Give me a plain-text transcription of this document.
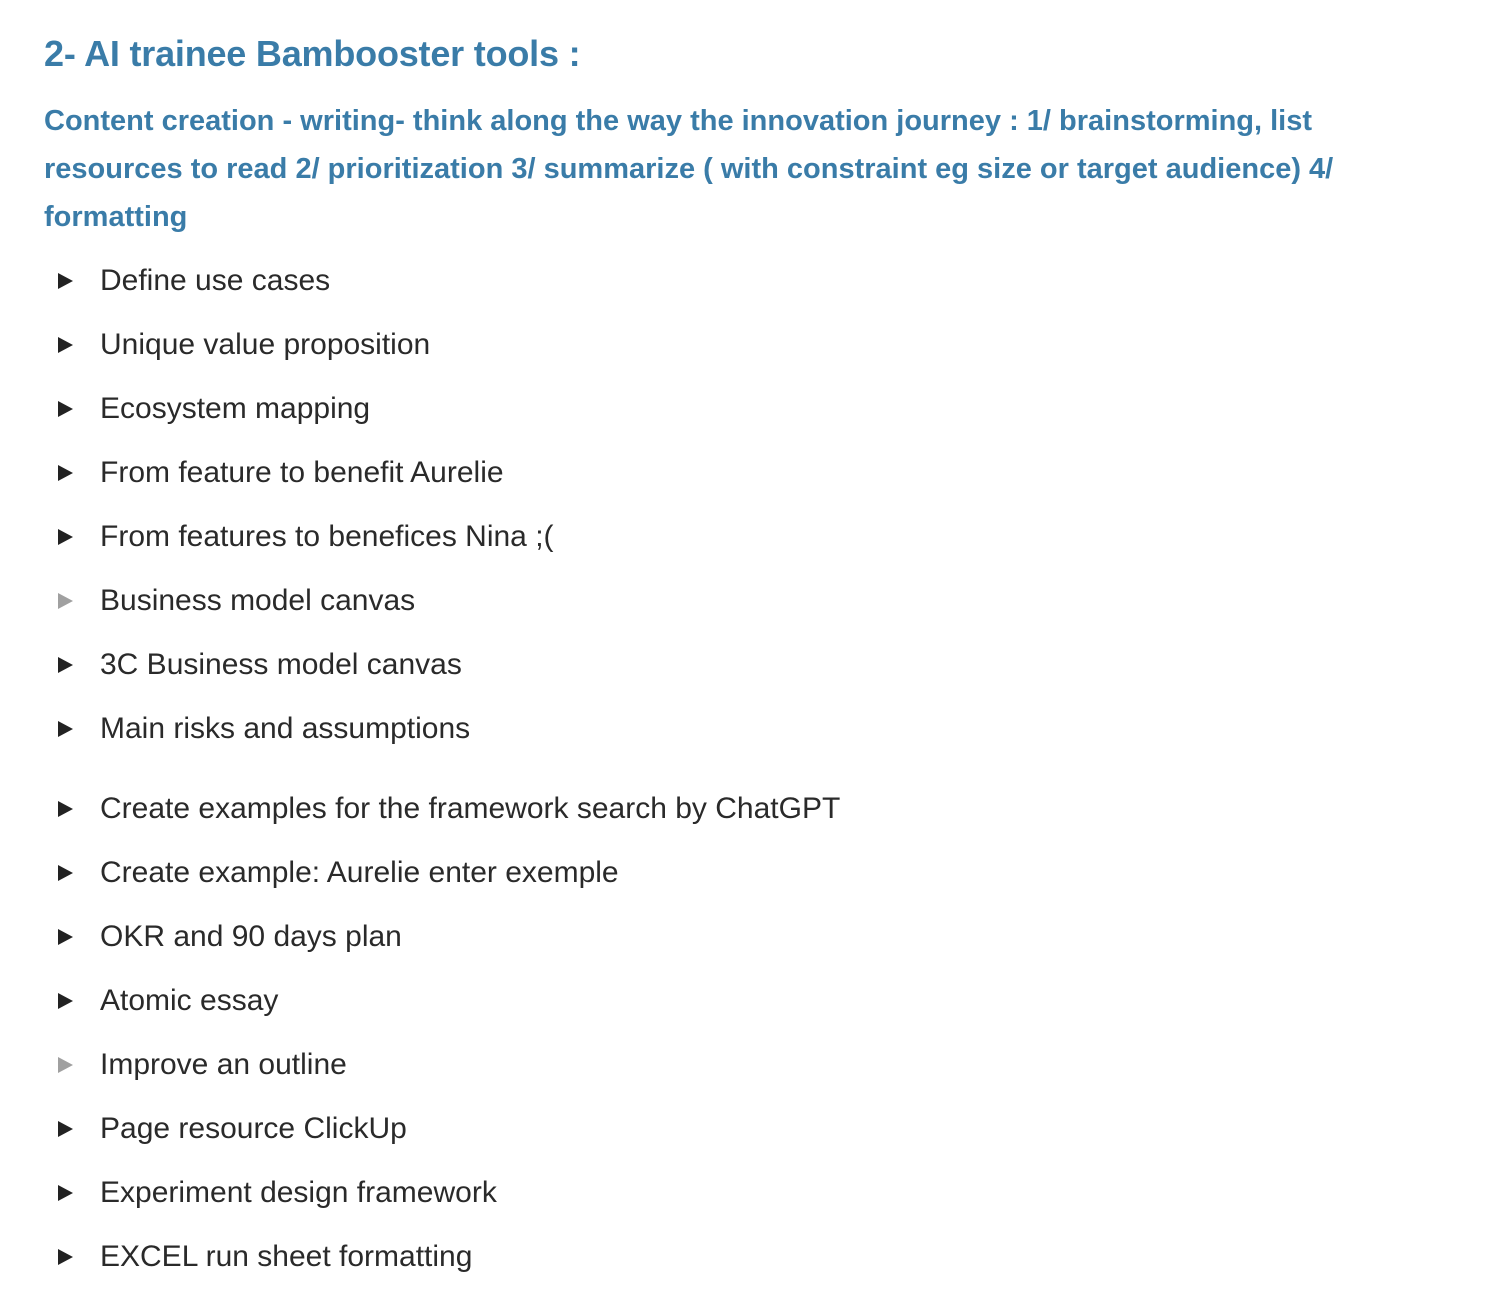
2- AI trainee Bambooster tools :

Content creation - writing- think along the way the innovation journey : 1/ brainstorming, list resources to read 2/ prioritization 3/ summarize ( with constraint eg size or target audience) 4/ formatting

Define use cases
Unique value proposition
Ecosystem mapping
From feature to benefit Aurelie
From features to benefices Nina ;(
Business model canvas
3C Business model canvas
Main risks and assumptions
Create examples for the framework search by ChatGPT
Create example: Aurelie enter exemple
OKR and 90 days plan
Atomic essay
Improve an outline
Page resource ClickUp
Experiment design framework
EXCEL run sheet formatting
